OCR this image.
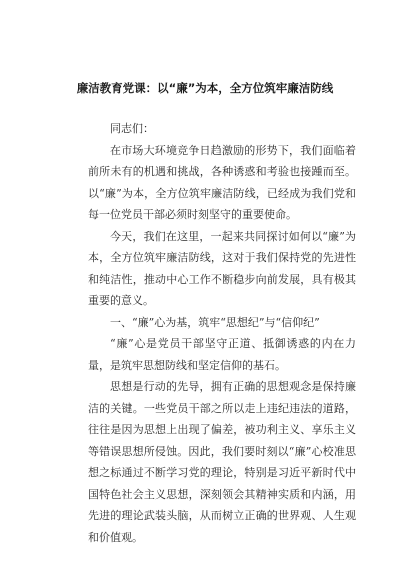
廉洁教育党课：以“廉”为本，全方位筑牢廉洁防线

同志们：

在市场大环境竞争日趋激励的形势下，我们面临着前所未有的机遇和挑战，各种诱惑和考验也接踵而至。以“廉”为本，全方位筑牢廉洁防线，已经成为我们党和每一位党员干部必须时刻坚守的重要使命。

今天，我们在这里，一起来共同探讨如何以“廉”为本，全方位筑牢廉洁防线，这对于我们保持党的先进性和纯洁性，推动中心工作不断稳步向前发展，具有极其重要的意义。

一、“廉”心为基，筑牢“思想纪”与“信仰纪”

“廉”心是党员干部坚守正道、抵御诱惑的内在力量，是筑牢思想防线和坚定信仰的基石。

思想是行动的先导，拥有正确的思想观念是保持廉洁的关键。一些党员干部之所以走上违纪违法的道路，往往是因为思想上出现了偏差，被功利主义、享乐主义等错误思想所侵蚀。因此，我们要时刻以“廉”心校准思想之标通过不断学习党的理论，特别是习近平新时代中国特色社会主义思想，深刻领会其精神实质和内涵，用先进的理论武装头脑，从而树立正确的世界观、人生观和价值观。
